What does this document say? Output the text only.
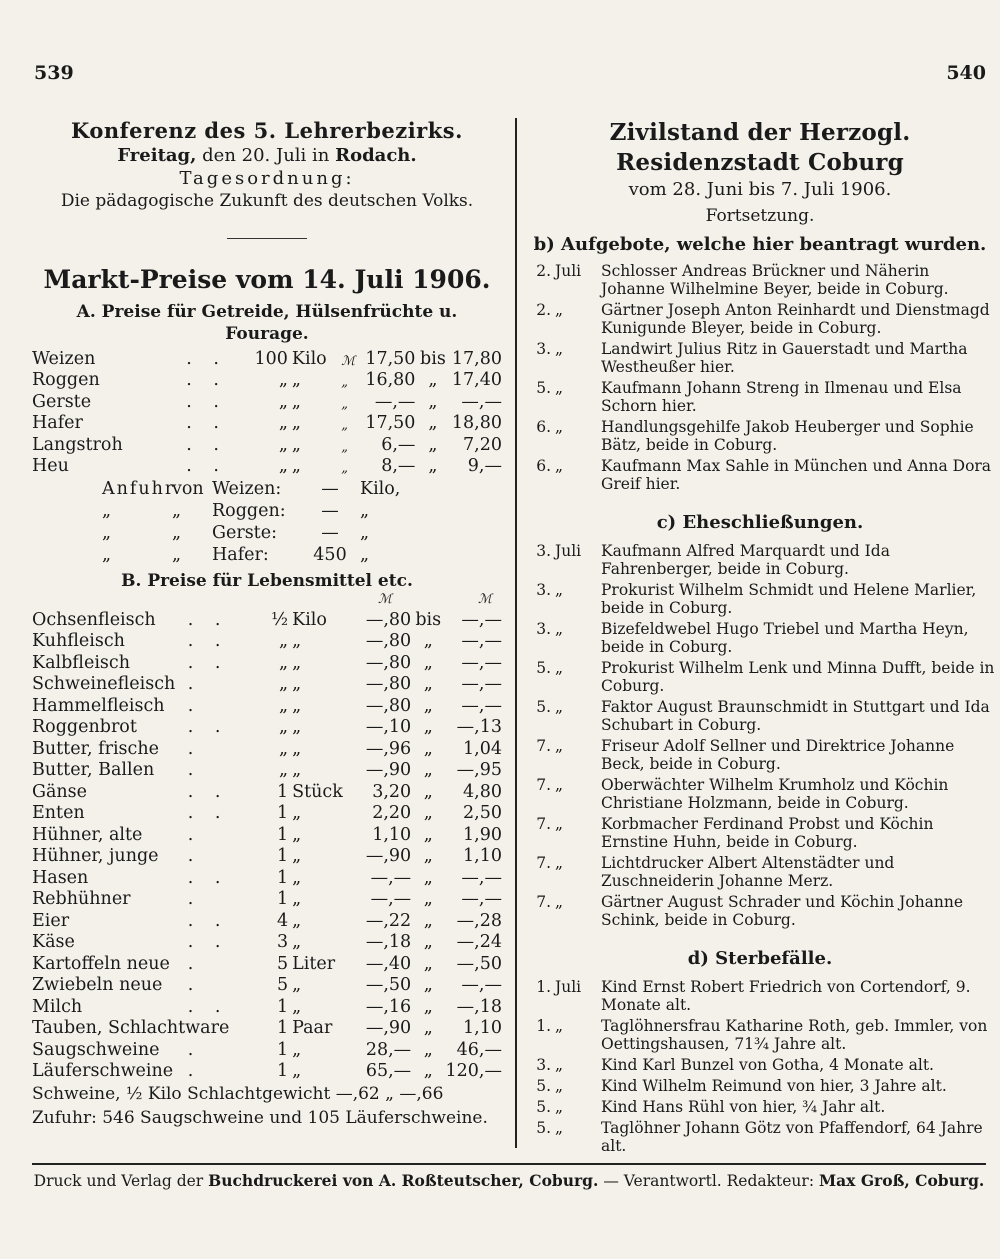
539	540
Konferenz des 5. Lehrerbezirks.
Freitag, den 20. Juli in Rodach.
Tagesordnung:
Die pädagogische Zukunft des deutschen Volks.
Markt-Preise vom 14. Juli 1906.
A. Preise für Getreide, Hülsenfrüchte u. Fourage.
Weizen	. .	100	Kilo	ℳ	17,50	bis	17,80
Roggen	. .	„	„	„	16,80	„	17,40
Gerste	. .	„	„	„	—,—	„	—,—
Hafer	. .	„	„	„	17,50	„	18,80
Langstroh	. .	„	„	„	6,—	„	7,20
Heu	. .	„	„	„	8,—	„	9,—
Anfuhrvon Weizen: — Kilo,
„	„ Roggen: — „
„	„ Gerste:	— „
„	„ Hafer:	450 „
B. Preise für Lebensmittel etc.
ℳ	ℳ
Ochsenfleisch	. .	½	Kilo		—,80	bis	—,—
Kuhfleisch	. .	„	„		—,80	„	—,—
Kalbfleisch	. .	„	„		—,80	„	—,—
Schweinefleisch	.	„	„		—,80	„	—,—
Hammelfleisch	.	„	„		—,80	„	—,—
Roggenbrot	. .	„	„		—,10	„	—,13
Butter, frische	.	„	„		—,96	„	1,04
Butter, Ballen	.	„	„		—,90	„	—,95
Gänse	. .	1	Stück		3,20	„	4,80
Enten	. .	1	„		2,20	„	2,50
Hühner, alte	.	1	„		1,10	„	1,90
Hühner, junge	.	1	„		—,90	„	1,10
Hasen	. .	1	„		—,—	„	—,—
Rebhühner	.	1	„		—,—	„	—,—
Eier	. .	4	„		—,22	„	—,28
Käse	. .	3	„		—,18	„	—,24
Kartoffeln neue	.	5	Liter		—,40	„	—,50
Zwiebeln neue	.	5	„		—,50	„	—,—
Milch	. .	1	„		—,16	„	—,18
Tauben, Schlachtware		1	Paar		—,90	„	1,10
Saugschweine	.	1	„		28,—	„	46,—
Läuferschweine	.	1	„		65,—	„	120,—
Schweine, ½ Kilo Schlachtgewicht —,62 „ —,66
Zufuhr: 546 Saugschweine und 105 Läuferschweine.
Zivilstand der Herzogl. Residenzstadt Coburg
vom 28. Juni bis 7. Juli 1906.
Fortsetzung.
b) Aufgebote, welche hier beantragt wurden.
2. Juli	Schlosser Andreas Brückner und Näherin Johanne Wilhelmine Beyer, beide in Coburg.
2. „	Gärtner Joseph Anton Reinhardt und Dienstmagd Kunigunde Bleyer, beide in Coburg.
3. „	Landwirt Julius Ritz in Gauerstadt und Martha Westheußer hier.
5. „	Kaufmann Johann Streng in Ilmenau und Elsa Schorn hier.
6. „	Handlungsgehilfe Jakob Heuberger und Sophie Bätz, beide in Coburg.
6. „	Kaufmann Max Sahle in München und Anna Dora Greif hier.
c) Eheschließungen.
3. Juli	Kaufmann Alfred Marquardt und Ida Fahrenberger, beide in Coburg.
3. „	Prokurist Wilhelm Schmidt und Helene Marlier, beide in Coburg.
3. „	Bizefeldwebel Hugo Triebel und Martha Heyn, beide in Coburg.
5. „	Prokurist Wilhelm Lenk und Minna Dufft, beide in Coburg.
5. „	Faktor August Braunschmidt in Stuttgart und Ida Schubart in Coburg.
7. „	Friseur Adolf Sellner und Direktrice Johanne Beck, beide in Coburg.
7. „	Oberwächter Wilhelm Krumholz und Köchin Christiane Holzmann, beide in Coburg.
7. „	Korbmacher Ferdinand Probst und Köchin Ernstine Huhn, beide in Coburg.
7. „	Lichtdrucker Albert Altenstädter und Zuschneiderin Johanne Merz.
7. „	Gärtner August Schrader und Köchin Johanne Schink, beide in Coburg.
d) Sterbefälle.
1. Juli	Kind Ernst Robert Friedrich von Cortendorf, 9. Monate alt.
1. „	Taglöhnersfrau Katharine Roth, geb. Immler, von Oettingshausen, 71¾ Jahre alt.
3. „	Kind Karl Bunzel von Gotha, 4 Monate alt.
5. „	Kind Wilhelm Reimund von hier, 3 Jahre alt.
5. „	Kind Hans Rühl von hier, ¾ Jahr alt.
5. „	Taglöhner Johann Götz von Pfaffendorf, 64 Jahre alt.
Druck und Verlag der Buchdruckerei von A. Roßteutscher, Coburg. — Verantwortl. Redakteur: Max Groß, Coburg.
